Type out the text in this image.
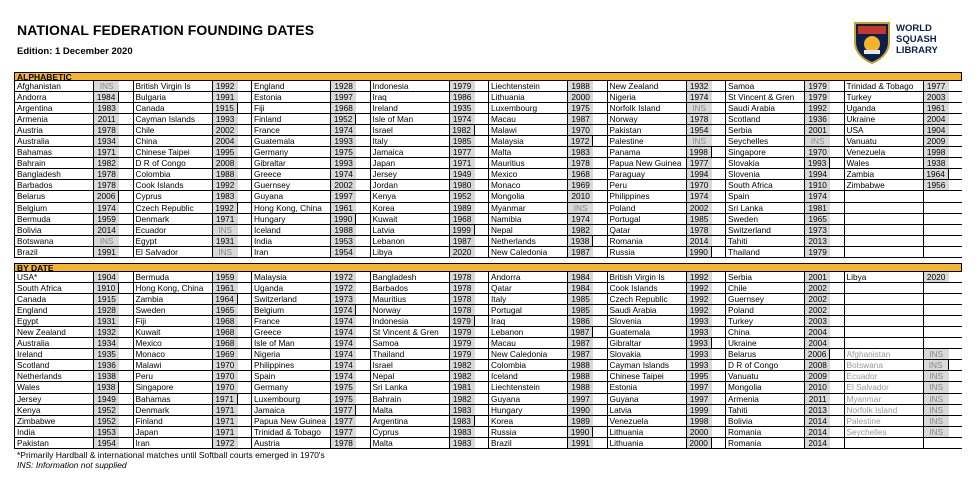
NATIONAL FEDERATION FOUNDING DATES
Edition: 1 December 2020
WORLD
SQUASH
LIBRARY
ALPHABETIC
Afghanistan	INS	British Virgin Is	1992	England	1928	Indonesia	1979	Liechtenstein	1988	New Zealand	1932	Samoa	1979	Trinidad & Tobago	1977
Andorra	1984	Bulgaria	1991	Estonia	1997	Iraq	1986	Lithuania	2000	Nigeria	1974	St Vincent & Gren	1979	Turkey	2003
Argentina	1983	Canada	1915	Fiji	1968	Ireland	1935	Luxembourg	1975	Norfolk Island	INS	Saudi Arabia	1992	Uganda	1961
Armenia	2011	Cayman Islands	1993	Finland	1952	Isle of Man	1974	Macau	1987	Norway	1978	Scotland	1936	Ukraine	2004
Austria	1978	Chile	2002	France	1974	Israel	1982	Malawi	1970	Pakistan	1954	Serbia	2001	USA	1904
Australia	1934	China	2004	Guatemala	1993	Italy	1985	Malaysia	1972	Palestine	INS	Seychelles	INS	Vanuatu	2009
Bahamas	1971	Chinese Taipei	1995	Germany	1975	Jamaica	1977	Malta	1983	Panama	1998	Singapore	1970	Venezuela	1998
Bahrain	1982	D R of Congo	2008	Gibraltar	1993	Japan	1971	Mauritius	1978	Papua New Guinea	1977	Slovakia	1993	Wales	1938
Bangladesh	1978	Colombia	1988	Greece	1974	Jersey	1949	Mexico	1968	Paraguay	1994	Slovenia	1994	Zambia	1964
Barbados	1978	Cook Islands	1992	Guernsey	2002	Jordan	1980	Monaco	1969	Peru	1970	South Africa	1910	Zimbabwe	1956
Belarus	2006	Cyprus	1983	Guyana	1997	Kenya	1952	Mongolia	2010	Philippines	1974	Spain	1974
Belgium	1974	Czech Republic	1992	Hong Kong, China	1961	Korea	1989	Myanmar	INS	Poland	2002	Sri Lanka	1981
Bermuda	1959	Denmark	1971	Hungary	1990	Kuwait	1968	Namibia	1974	Portugal	1985	Sweden	1965
Bolivia	2014	Ecuador	INS	Iceland	1988	Latvia	1999	Nepal	1982	Qatar	1978	Switzerland	1973
Botswana	INS	Egypt	1931	India	1953	Lebanon	1987	Netherlands	1938	Romania	2014	Tahiti	2013
Brazil	1991	El Salvador	INS	Iran	1954	Libya	2020	New Caledonia	1987	Russia	1990	Thailand	1979
BY DATE
USA*	1904	Bermuda	1959	Malaysia	1972	Bangladesh	1978	Andorra	1984	British Virgin Is	1992	Serbia	2001	Libya	2020
South Africa	1910	Hong Kong, China	1961	Uganda	1972	Barbados	1978	Qatar	1984	Cook Islands	1992	Chile	2002
Canada	1915	Zambia	1964	Switzerland	1973	Mauritius	1978	Italy	1985	Czech Republic	1992	Guernsey	2002
England	1928	Sweden	1965	Belgium	1974	Norway	1978	Portugal	1985	Saudi Arabia	1992	Poland	2002
Egypt	1931	Fiji	1968	France	1974	Indonesia	1979	Iraq	1986	Slovenia	1993	Turkey	2003
New Zealand	1932	Kuwait	1968	Greece	1974	St Vincent & Gren	1979	Lebanon	1987	Guatemala	1993	China	2004
Australia	1934	Mexico	1968	Isle of Man	1974	Samoa	1979	Macau	1987	Gibraltar	1993	Ukraine	2004
Ireland	1935	Monaco	1969	Nigeria	1974	Thailand	1979	New Caledonia	1987	Slovakia	1993	Belarus	2006	Afghanistan	INS
Scotland	1936	Malawi	1970	Philippines	1974	Israel	1982	Colombia	1988	Cayman Islands	1993	D R of Congo	2008	Botswana	INS
Netherlands	1938	Peru	1970	Spain	1974	Nepal	1982	Iceland	1988	Chinese Taipei	1995	Vanuatu	2009	Ecuador	INS
Wales	1938	Singapore	1970	Germany	1975	Sri Lanka	1981	Liechtenstein	1988	Estonia	1997	Mongolia	2010	El Salvador	INS
Jersey	1949	Bahamas	1971	Luxembourg	1975	Bahrain	1982	Guyana	1997	Guyana	1997	Armenia	2011	Myanmar	INS
Kenya	1952	Denmark	1971	Jamaica	1977	Malta	1983	Hungary	1990	Latvia	1999	Tahiti	2013	Norfolk Island	INS
Zimbabwe	1952	Finland	1971	Papua New Guinea	1977	Argentina	1983	Korea	1989	Venezuela	1998	Bolivia	2014	Palestine	INS
India	1953	Japan	1971	Trinidad & Tobago	1977	Cyprus	1983	Russia	1990	Lithuania	2000	Romania	2014	Seychelles	INS
Pakistan	1954	Iran	1972	Austria	1978	Malta	1983	Brazil	1991	Lithuania	2000	Romania	2014
*Primarily Hardball & international matches until Softball courts emerged in 1970's
INS: Information not supplied
